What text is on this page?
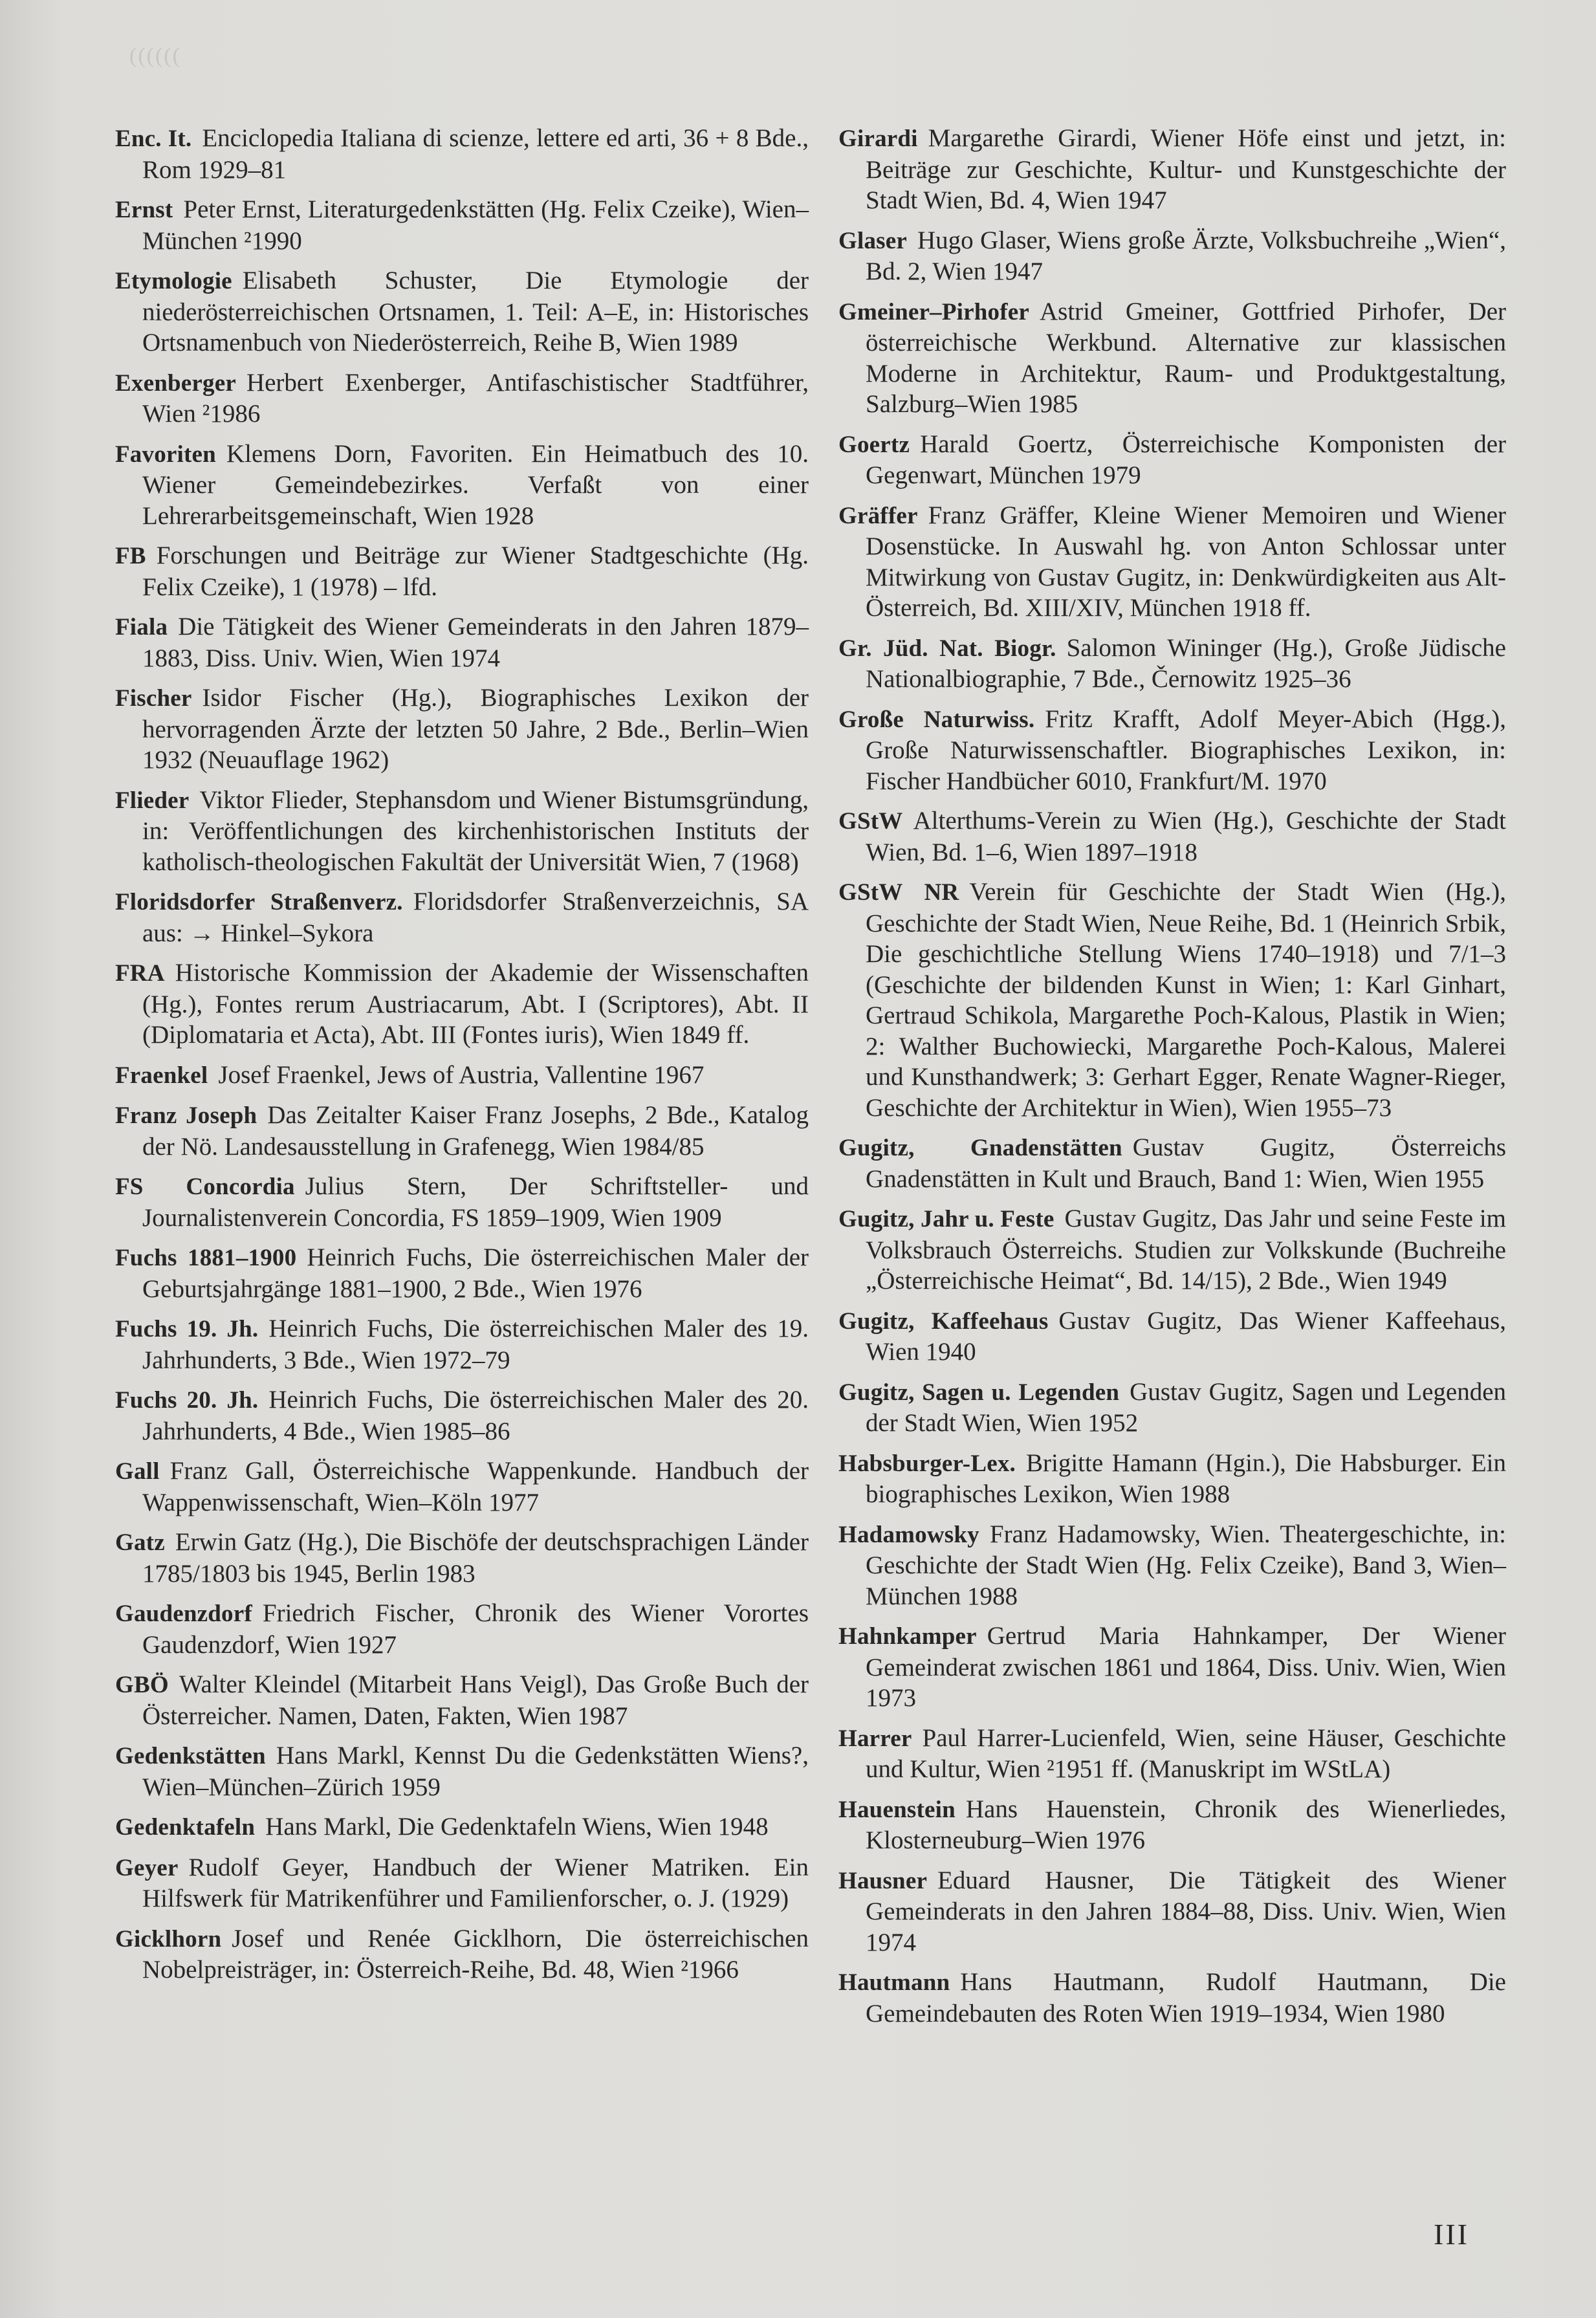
((((((
Enc. It. Enciclopedia Italiana di scienze, lettere ed arti, 36 + 8 Bde., Rom 1929–81
Ernst Peter Ernst, Literaturgedenkstätten (Hg. Felix Czeike), Wien–München ²1990
Etymologie Elisabeth Schuster, Die Etymologie der niederösterreichischen Ortsnamen, 1. Teil: A–E, in: Historisches Ortsnamenbuch von Niederösterreich, Reihe B, Wien 1989
Exenberger Herbert Exenberger, Antifaschistischer Stadtführer, Wien ²1986
Favoriten Klemens Dorn, Favoriten. Ein Heimatbuch des 10. Wiener Gemeindebezirkes. Verfaßt von einer Lehrerarbeitsgemeinschaft, Wien 1928
FB Forschungen und Beiträge zur Wiener Stadtgeschichte (Hg. Felix Czeike), 1 (1978) – lfd.
Fiala Die Tätigkeit des Wiener Gemeinderats in den Jahren 1879–1883, Diss. Univ. Wien, Wien 1974
Fischer Isidor Fischer (Hg.), Biographisches Lexikon der hervorragenden Ärzte der letzten 50 Jahre, 2 Bde., Berlin–Wien 1932 (Neuauflage 1962)
Flieder Viktor Flieder, Stephansdom und Wiener Bistumsgründung, in: Veröffentlichungen des kirchenhistorischen Instituts der katholisch-theologischen Fakultät der Universität Wien, 7 (1968)
Floridsdorfer Straßenverz. Floridsdorfer Straßenverzeichnis, SA aus: → Hinkel–Sykora
FRA Historische Kommission der Akademie der Wissenschaften (Hg.), Fontes rerum Austriacarum, Abt. I (Scriptores), Abt. II (Diplomataria et Acta), Abt. III (Fontes iuris), Wien 1849 ff.
Fraenkel Josef Fraenkel, Jews of Austria, Vallentine 1967
Franz Joseph Das Zeitalter Kaiser Franz Josephs, 2 Bde., Katalog der Nö. Landesausstellung in Grafenegg, Wien 1984/85
FS Concordia Julius Stern, Der Schriftsteller- und Journalistenverein Concordia, FS 1859–1909, Wien 1909
Fuchs 1881–1900 Heinrich Fuchs, Die österreichischen Maler der Geburtsjahrgänge 1881–1900, 2 Bde., Wien 1976
Fuchs 19. Jh. Heinrich Fuchs, Die österreichischen Maler des 19. Jahrhunderts, 3 Bde., Wien 1972–79
Fuchs 20. Jh. Heinrich Fuchs, Die österreichischen Maler des 20. Jahrhunderts, 4 Bde., Wien 1985–86
Gall Franz Gall, Österreichische Wappenkunde. Handbuch der Wappenwissenschaft, Wien–Köln 1977
Gatz Erwin Gatz (Hg.), Die Bischöfe der deutschsprachigen Länder 1785/1803 bis 1945, Berlin 1983
Gaudenzdorf Friedrich Fischer, Chronik des Wiener Vorortes Gaudenzdorf, Wien 1927
GBÖ Walter Kleindel (Mitarbeit Hans Veigl), Das Große Buch der Österreicher. Namen, Daten, Fakten, Wien 1987
Gedenkstätten Hans Markl, Kennst Du die Gedenkstätten Wiens?, Wien–München–Zürich 1959
Gedenktafeln Hans Markl, Die Gedenktafeln Wiens, Wien 1948
Geyer Rudolf Geyer, Handbuch der Wiener Matriken. Ein Hilfswerk für Matrikenführer und Familienforscher, o. J. (1929)
Gicklhorn Josef und Renée Gicklhorn, Die österreichischen Nobelpreisträger, in: Österreich-Reihe, Bd. 48, Wien ²1966
Girardi Margarethe Girardi, Wiener Höfe einst und jetzt, in: Beiträge zur Geschichte, Kultur- und Kunstgeschichte der Stadt Wien, Bd. 4, Wien 1947
Glaser Hugo Glaser, Wiens große Ärzte, Volksbuchreihe „Wien“, Bd. 2, Wien 1947
Gmeiner–Pirhofer Astrid Gmeiner, Gottfried Pirhofer, Der österreichische Werkbund. Alternative zur klassischen Moderne in Architektur, Raum- und Produktgestaltung, Salzburg–Wien 1985
Goertz Harald Goertz, Österreichische Komponisten der Gegenwart, München 1979
Gräffer Franz Gräffer, Kleine Wiener Memoiren und Wiener Dosenstücke. In Auswahl hg. von Anton Schlossar unter Mitwirkung von Gustav Gugitz, in: Denkwürdigkeiten aus Alt-Österreich, Bd. XIII/XIV, München 1918 ff.
Gr. Jüd. Nat. Biogr. Salomon Wininger (Hg.), Große Jüdische Nationalbiographie, 7 Bde., Černowitz 1925–36
Große Naturwiss. Fritz Krafft, Adolf Meyer-Abich (Hgg.), Große Naturwissenschaftler. Biographisches Lexikon, in: Fischer Handbücher 6010, Frankfurt/M. 1970
GStW Alterthums-Verein zu Wien (Hg.), Geschichte der Stadt Wien, Bd. 1–6, Wien 1897–1918
GStW NR Verein für Geschichte der Stadt Wien (Hg.), Geschichte der Stadt Wien, Neue Reihe, Bd. 1 (Heinrich Srbik, Die geschichtliche Stellung Wiens 1740–1918) und 7/1–3 (Geschichte der bildenden Kunst in Wien; 1: Karl Ginhart, Gertraud Schikola, Margarethe Poch-Kalous, Plastik in Wien; 2: Walther Buchowiecki, Margarethe Poch-Kalous, Malerei und Kunsthandwerk; 3: Gerhart Egger, Renate Wagner-Rieger, Geschichte der Architektur in Wien), Wien 1955–73
Gugitz, Gnadenstätten Gustav Gugitz, Österreichs Gnadenstätten in Kult und Brauch, Band 1: Wien, Wien 1955
Gugitz, Jahr u. Feste Gustav Gugitz, Das Jahr und seine Feste im Volksbrauch Österreichs. Studien zur Volkskunde (Buchreihe „Österreichische Heimat“, Bd. 14/15), 2 Bde., Wien 1949
Gugitz, Kaffeehaus Gustav Gugitz, Das Wiener Kaffeehaus, Wien 1940
Gugitz, Sagen u. Legenden Gustav Gugitz, Sagen und Legenden der Stadt Wien, Wien 1952
Habsburger-Lex. Brigitte Hamann (Hgin.), Die Habsburger. Ein biographisches Lexikon, Wien 1988
Hadamowsky Franz Hadamowsky, Wien. Theatergeschichte, in: Geschichte der Stadt Wien (Hg. Felix Czeike), Band 3, Wien–München 1988
Hahnkamper Gertrud Maria Hahnkamper, Der Wiener Gemeinderat zwischen 1861 und 1864, Diss. Univ. Wien, Wien 1973
Harrer Paul Harrer-Lucienfeld, Wien, seine Häuser, Geschichte und Kultur, Wien ²1951 ff. (Manuskript im WStLA)
Hauenstein Hans Hauenstein, Chronik des Wienerliedes, Klosterneuburg–Wien 1976
Hausner Eduard Hausner, Die Tätigkeit des Wiener Gemeinderats in den Jahren 1884–88, Diss. Univ. Wien, Wien 1974
Hautmann Hans Hautmann, Rudolf Hautmann, Die Gemeindebauten des Roten Wien 1919–1934, Wien 1980
III
